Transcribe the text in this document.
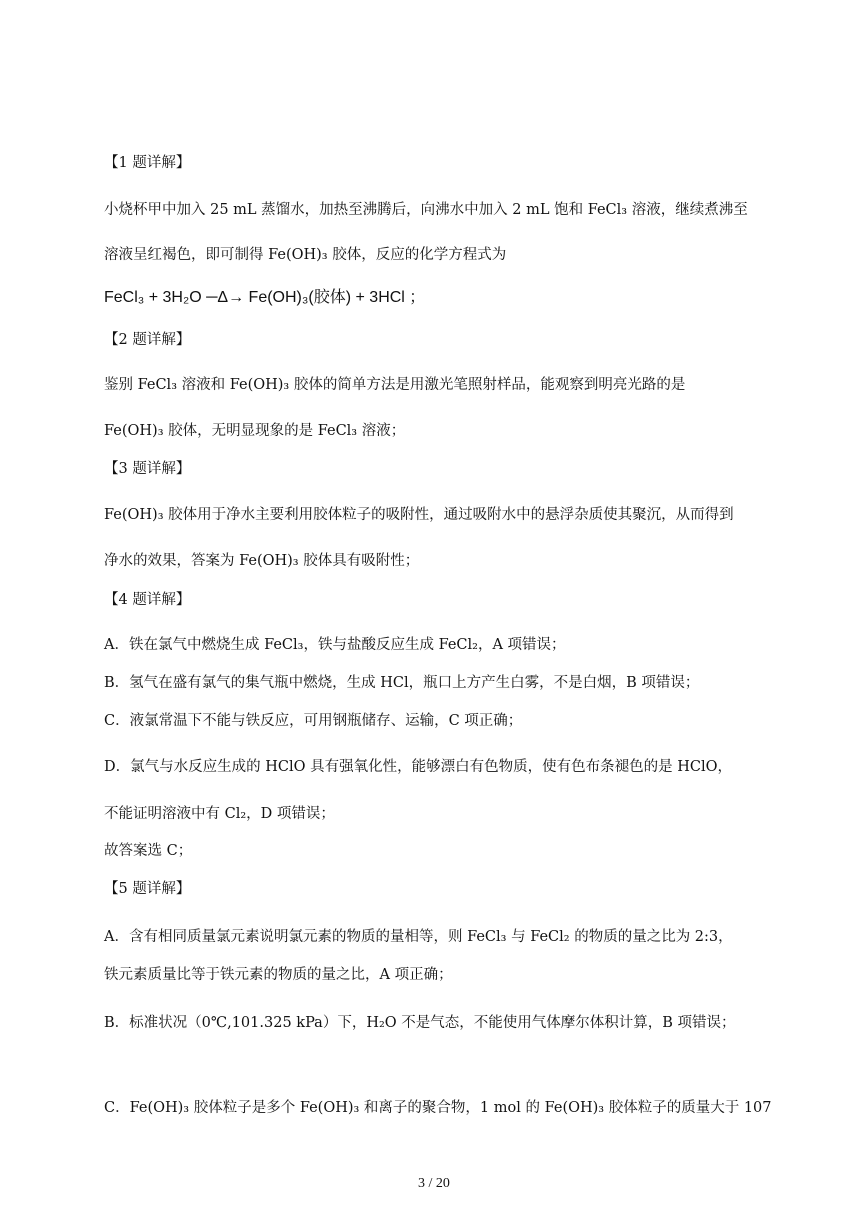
【1 题详解】
小烧杯甲中加入 25 mL 蒸馏水，加热至沸腾后，向沸水中加入 2 mL 饱和 FeCl₃ 溶液，继续煮沸至
溶液呈红褐色，即可制得 Fe(OH)₃ 胶体，反应的化学方程式为
FeCl₃ + 3H₂O ─Δ→ Fe(OH)₃(胶体) + 3HCl ；
【2 题详解】
鉴别 FeCl₃ 溶液和 Fe(OH)₃ 胶体的简单方法是用激光笔照射样品，能观察到明亮光路的是
Fe(OH)₃ 胶体，无明显现象的是 FeCl₃ 溶液；
【3 题详解】
Fe(OH)₃ 胶体用于净水主要利用胶体粒子的吸附性，通过吸附水中的悬浮杂质使其聚沉，从而得到
净水的效果，答案为 Fe(OH)₃ 胶体具有吸附性；
【4 题详解】
A．铁在氯气中燃烧生成 FeCl₃，铁与盐酸反应生成 FeCl₂，A 项错误；
B．氢气在盛有氯气的集气瓶中燃烧，生成 HCl，瓶口上方产生白雾，不是白烟，B 项错误；
C．液氯常温下不能与铁反应，可用钢瓶储存、运输，C 项正确；
D．氯气与水反应生成的 HClO 具有强氧化性，能够漂白有色物质，使有色布条褪色的是 HClO，
不能证明溶液中有 Cl₂，D 项错误；
故答案选 C；
【5 题详解】
A．含有相同质量氯元素说明氯元素的物质的量相等，则 FeCl₃ 与 FeCl₂ 的物质的量之比为 2:3，
铁元素质量比等于铁元素的物质的量之比，A 项正确；
B．标准状况（0℃,101.325 kPa）下，H₂O 不是气态，不能使用气体摩尔体积计算，B 项错误；
C．Fe(OH)₃ 胶体粒子是多个 Fe(OH)₃ 和离子的聚合物，1 mol 的 Fe(OH)₃ 胶体粒子的质量大于 107
3 / 20
